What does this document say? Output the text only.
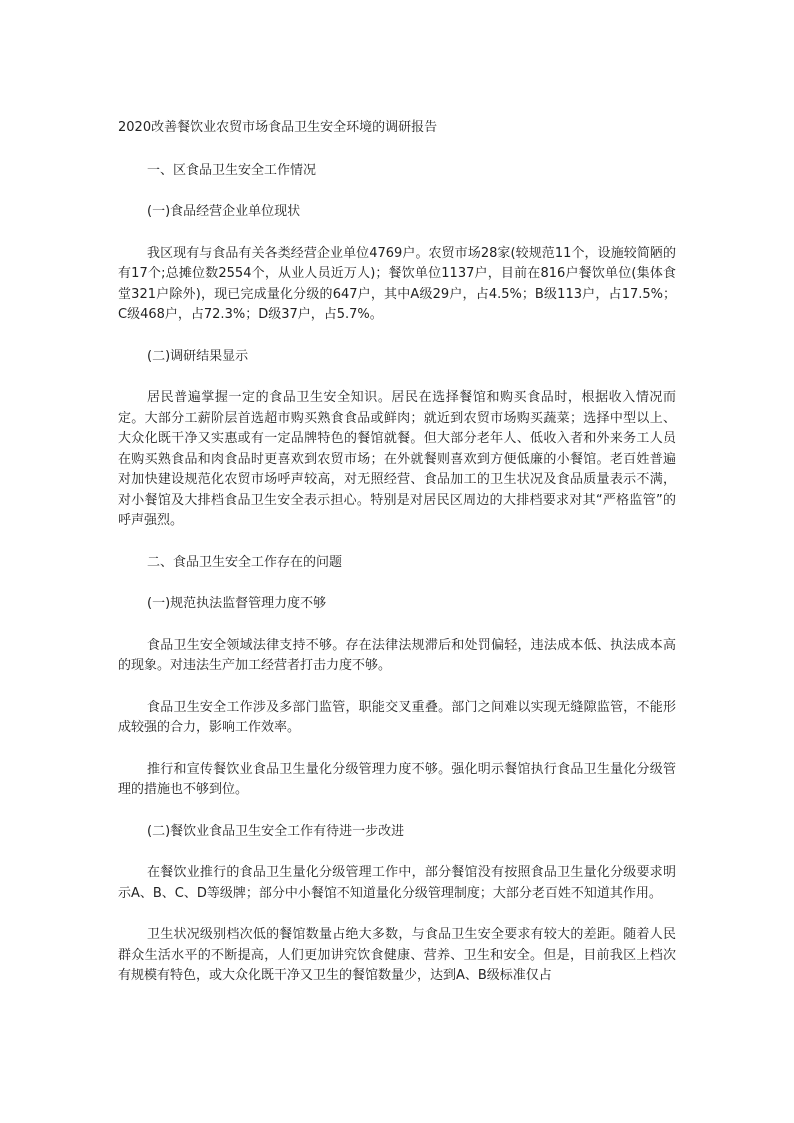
2020改善餐饮业农贸市场食品卫生安全环境的调研报告

一、区食品卫生安全工作情况

(一)食品经营企业单位现状

我区现有与食品有关各类经营企业单位4769户。农贸市场28家(较规范11个，设施较简陋的有17个;总摊位数2554个，从业人员近万人)；餐饮单位1137户，目前在816户餐饮单位(集体食堂321户除外)，现已完成量化分级的647户，其中A级29户，占4.5%；B级113户，占17.5%；C级468户，占72.3%；D级37户，占5.7%。

(二)调研结果显示

居民普遍掌握一定的食品卫生安全知识。居民在选择餐馆和购买食品时，根据收入情况而定。大部分工薪阶层首选超市购买熟食食品或鲜肉；就近到农贸市场购买蔬菜；选择中型以上、大众化既干净又实惠或有一定品牌特色的餐馆就餐。但大部分老年人、低收入者和外来务工人员在购买熟食品和肉食品时更喜欢到农贸市场；在外就餐则喜欢到方便低廉的小餐馆。老百姓普遍对加快建设规范化农贸市场呼声较高，对无照经营、食品加工的卫生状况及食品质量表示不满，对小餐馆及大排档食品卫生安全表示担心。特别是对居民区周边的大排档要求对其“严格监管”的呼声强烈。

二、食品卫生安全工作存在的问题

(一)规范执法监督管理力度不够

食品卫生安全领域法律支持不够。存在法律法规滞后和处罚偏轻，违法成本低、执法成本高的现象。对违法生产加工经营者打击力度不够。

食品卫生安全工作涉及多部门监管，职能交叉重叠。部门之间难以实现无缝隙监管，不能形成较强的合力，影响工作效率。

推行和宣传餐饮业食品卫生量化分级管理力度不够。强化明示餐馆执行食品卫生量化分级管理的措施也不够到位。

(二)餐饮业食品卫生安全工作有待进一步改进

在餐饮业推行的食品卫生量化分级管理工作中，部分餐馆没有按照食品卫生量化分级要求明示A、B、C、D等级牌；部分中小餐馆不知道量化分级管理制度；大部分老百姓不知道其作用。

卫生状况级别档次低的餐馆数量占绝大多数，与食品卫生安全要求有较大的差距。随着人民群众生活水平的不断提高，人们更加讲究饮食健康、营养、卫生和安全。但是，目前我区上档次有规模有特色，或大众化既干净又卫生的餐馆数量少，达到A、B级标准仅占
